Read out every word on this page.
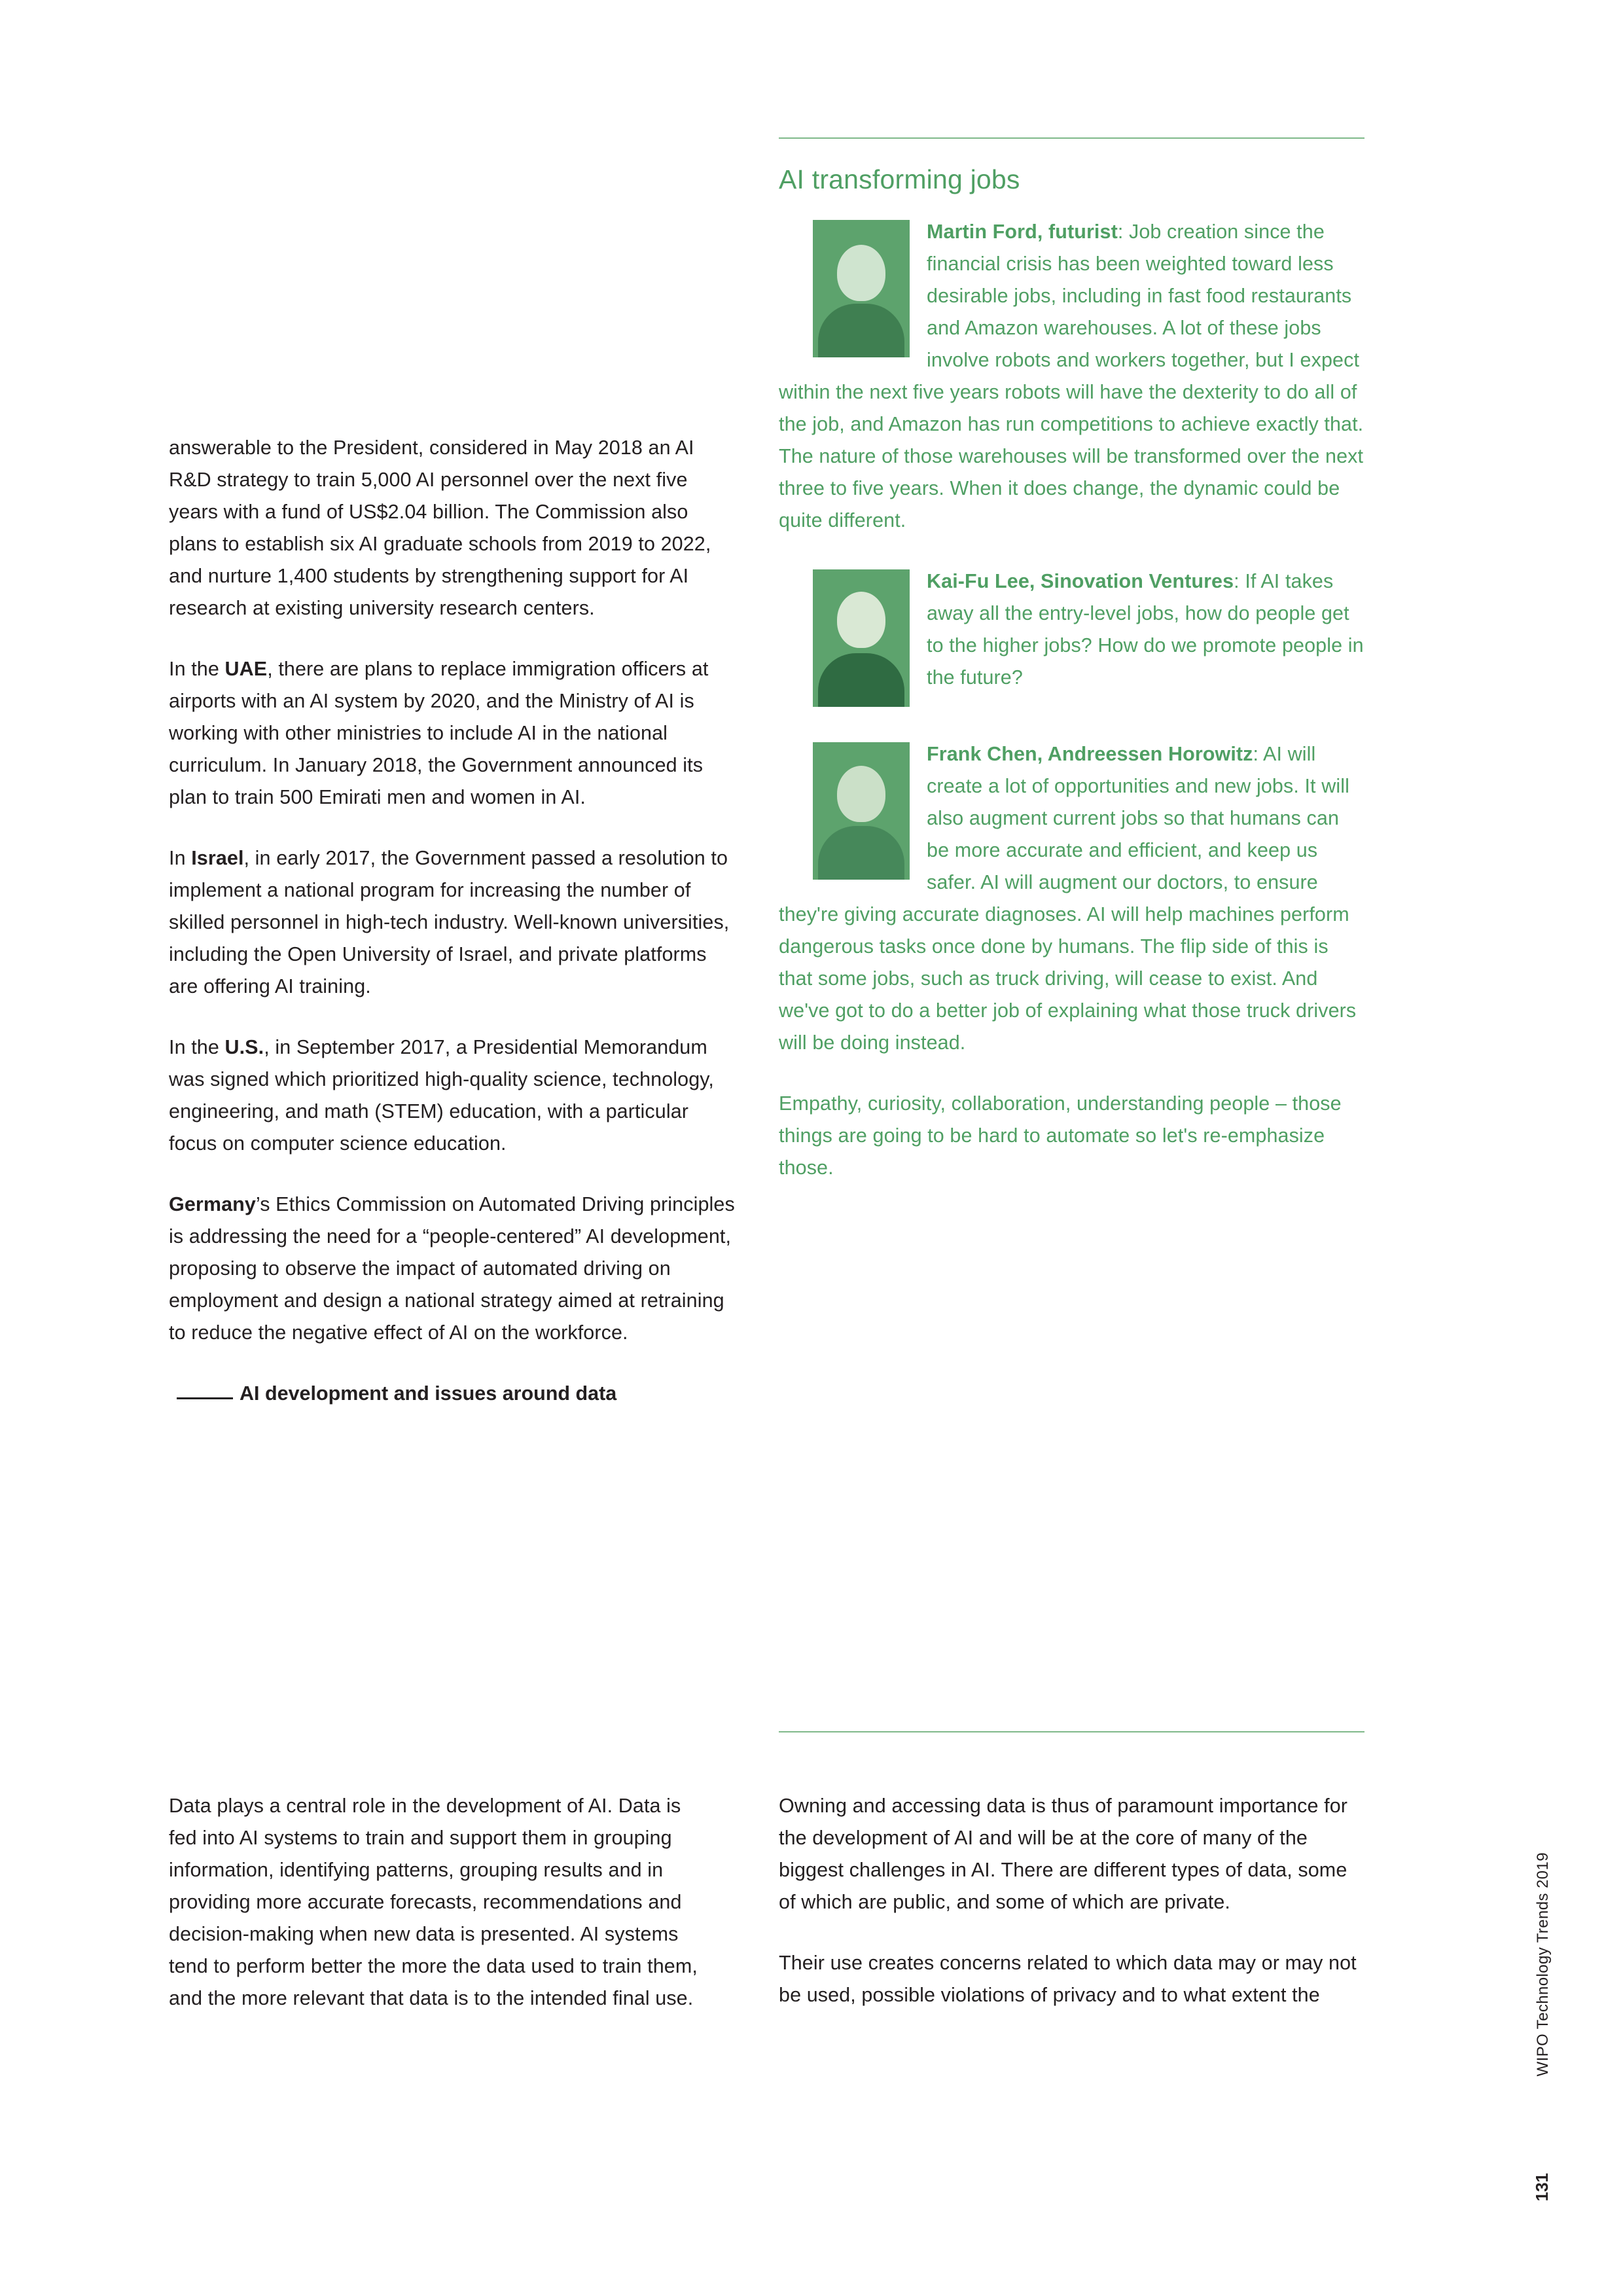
AI transforming jobs

Martin Ford, futurist: Job creation since the financial crisis has been weighted toward less desirable jobs, including in fast food restaurants and Amazon warehouses. A lot of these jobs involve robots and workers together, but I expect within the next five years robots will have the dexterity to do all of the job, and Amazon has run competitions to achieve exactly that. The nature of those warehouses will be transformed over the next three to five years. When it does change, the dynamic could be quite different.

Kai-Fu Lee, Sinovation Ventures: If AI takes away all the entry-level jobs, how do people get to the higher jobs? How do we promote people in the future?

Frank Chen, Andreessen Horowitz: AI will create a lot of opportunities and new jobs. It will also augment current jobs so that humans can be more accurate and efficient, and keep us safer. AI will augment our doctors, to ensure they're giving accurate diagnoses. AI will help machines perform dangerous tasks once done by humans. The flip side of this is that some jobs, such as truck driving, will cease to exist. And we've got to do a better job of explaining what those truck drivers will be doing instead.

Empathy, curiosity, collaboration, understanding people – those things are going to be hard to automate so let's re-emphasize those.

answerable to the President, considered in May 2018 an AI R&D strategy to train 5,000 AI personnel over the next five years with a fund of US$2.04 billion. The Commission also plans to establish six AI graduate schools from 2019 to 2022, and nurture 1,400 students by strengthening support for AI research at existing university research centers.

In the UAE, there are plans to replace immigration officers at airports with an AI system by 2020, and the Ministry of AI is working with other ministries to include AI in the national curriculum. In January 2018, the Government announced its plan to train 500 Emirati men and women in AI.

In Israel, in early 2017, the Government passed a resolution to implement a national program for increasing the number of skilled personnel in high-tech industry. Well-known universities, including the Open University of Israel, and private platforms are offering AI training.

In the U.S., in September 2017, a Presidential Memorandum was signed which prioritized high-quality science, technology, engineering, and math (STEM) education, with a particular focus on computer science education.

Germany’s Ethics Commission on Automated Driving principles is addressing the need for a “people-centered” AI development, proposing to observe the impact of automated driving on employment and design a national strategy aimed at retraining to reduce the negative effect of AI on the workforce.

AI development and issues around data

Data plays a central role in the development of AI. Data is fed into AI systems to train and support them in grouping information, identifying patterns, grouping results and in providing more accurate forecasts, recommendations and decision-making when new data is presented. AI systems tend to perform better the more the data used to train them, and the more relevant that data is to the intended final use.

Owning and accessing data is thus of paramount importance for the development of AI and will be at the core of many of the biggest challenges in AI. There are different types of data, some of which are public, and some of which are private.

Their use creates concerns related to which data may or may not be used, possible violations of privacy and to what extent the	WIPO Technology Trends 2019
131
